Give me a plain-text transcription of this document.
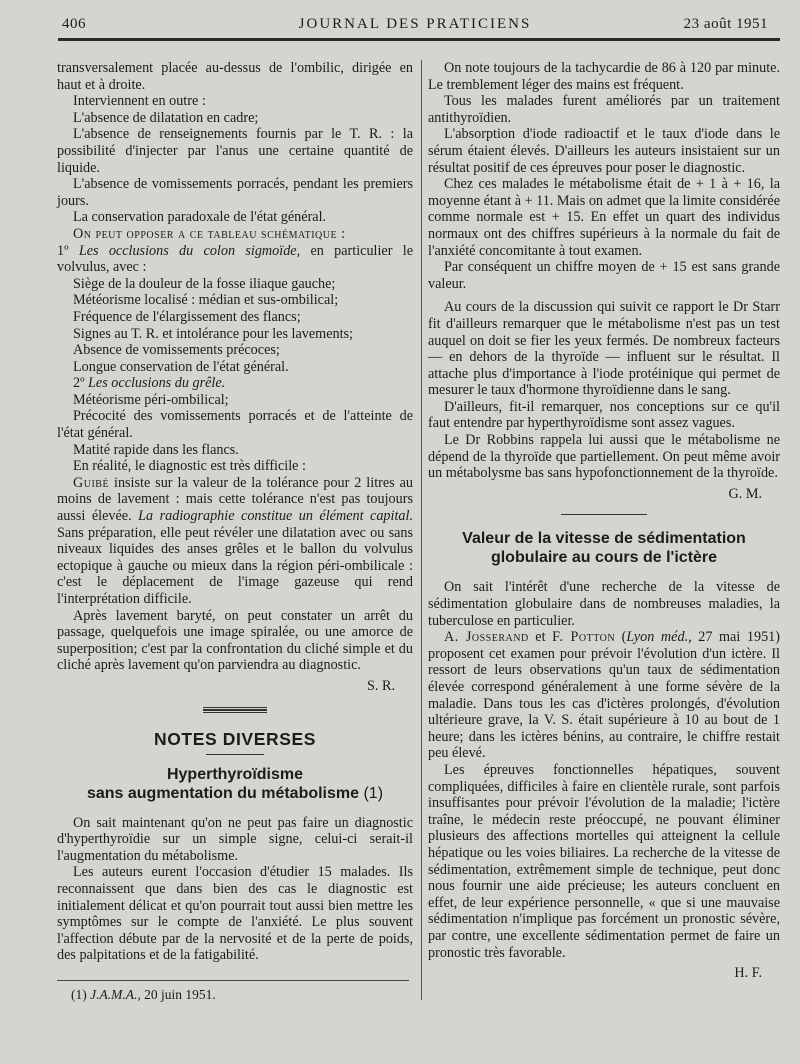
406	JOURNAL DES PRATICIENS	23 août 1951

transversalement placée au-dessus de l'ombilic, dirigée en haut et à droite.

Interviennent en outre :

L'absence de dilatation en cadre;

L'absence de renseignements fournis par le T. R. : la possibilité d'injecter par l'anus une certaine quantité de liquide.

L'absence de vomissements porracés, pendant les premiers jours.

La conservation paradoxale de l'état général.

On peut opposer a ce tableau schématique :

1º Les occlusions du colon sigmoïde, en particulier le volvulus, avec :

Siège de la douleur de la fosse iliaque gauche;

Météorisme localisé : médian et sus-ombilical;

Fréquence de l'élargissement des flancs;

Signes au T. R. et intolérance pour les lavements;

Absence de vomissements précoces;

Longue conservation de l'état général.

2º Les occlusions du grêle.

Météorisme péri-ombilical;

Précocité des vomissements porracés et de l'atteinte de l'état général.

Matité rapide dans les flancs.

En réalité, le diagnostic est très difficile :

Guibé insiste sur la valeur de la tolérance pour 2 litres au moins de lavement : mais cette tolérance n'est pas toujours aussi élevée. La radiographie constitue un élément capital. Sans préparation, elle peut révéler une dilatation avec ou sans niveaux liquides des anses grêles et le ballon du volvulus ectopique à gauche ou mieux dans la région péri-ombilicale : c'est le déplacement de l'image gazeuse qui rend l'interprétation difficile.

Après lavement baryté, on peut constater un arrêt du passage, quelquefois une image spiralée, ou une amorce de superposition; c'est par la confrontation du cliché simple et du cliché après lavement qu'on parviendra au diagnostic.

S. R.

NOTES DIVERSES
Hyperthyroïdisme
sans augmentation du métabolisme (1)

On sait maintenant qu'on ne peut pas faire un diagnostic d'hyperthyroïdie sur un simple signe, celui-ci serait-il l'augmentation du métabolisme.

Les auteurs eurent l'occasion d'étudier 15 malades. Ils reconnaissent que dans bien des cas le diagnostic est initialement délicat et qu'on pourrait tout aussi bien mettre les symptômes sur le compte de l'anxiété. Le plus souvent l'affection débute par de la nervosité et de la perte de poids, des palpitations et de la fatigabilité.

(1) J.A.M.A., 20 juin 1951.

On note toujours de la tachycardie de 86 à 120 par minute. Le tremblement léger des mains est fréquent.

Tous les malades furent améliorés par un traitement antithyroïdien.

L'absorption d'iode radioactif et le taux d'iode dans le sérum étaient élevés. D'ailleurs les auteurs insistaient sur un résultat positif de ces épreuves pour poser le diagnostic.

Chez ces malades le métabolisme était de + 1 à + 16, la moyenne étant à + 11. Mais on admet que la limite considérée comme normale est + 15. En effet un quart des individus normaux ont des chiffres supérieurs à la normale du fait de l'anxiété concomitante à tout examen.

Par conséquent un chiffre moyen de + 15 est sans grande valeur.

Au cours de la discussion qui suivit ce rapport le Dr Starr fit d'ailleurs remarquer que le métabolisme n'est pas un test auquel on doit se fier les yeux fermés. De nombreux facteurs — en dehors de la thyroïde — influent sur le résultat. Il attache plus d'importance à l'iode protéinique qui permet de mesurer le taux d'hormone thyroïdienne dans le sang.

D'ailleurs, fit-il remarquer, nos conceptions sur ce qu'il faut entendre par hyperthyroïdisme sont assez vagues.

Le Dr Robbins rappela lui aussi que le métabolisme ne dépend de la thyroïde que partiellement. On peut même avoir un métabolysme bas sans hypofonctionnement de la thyroïde.

G. M.

Valeur de la vitesse de sédimentation
globulaire au cours de l'ictère

On sait l'intérêt d'une recherche de la vitesse de sédimentation globulaire dans de nombreuses maladies, la tuberculose en particulier.

A. Josserand et F. Potton (Lyon méd., 27 mai 1951) proposent cet examen pour prévoir l'évolution d'un ictère. Il ressort de leurs observations qu'un taux de sédimentation élevée correspond généralement à une forme sévère de la maladie. Dans tous les cas d'ictères prolongés, d'évolution ultérieure grave, la V. S. était supérieure à 10 au bout de 1 heure; dans les ictères bénins, au contraire, le chiffre restait peu élevé.

Les épreuves fonctionnelles hépatiques, souvent compliquées, difficiles à faire en clientèle rurale, sont parfois insuffisantes pour prévoir l'évolution de la maladie; l'ictère traîne, le médecin reste préoccupé, ne pouvant éliminer plusieurs des affections mortelles qui atteignent la cellule hépatique ou les voies biliaires. La recherche de la vitesse de sédimentation, extrêmement simple de technique, peut donc nous fournir une aide précieuse; les auteurs concluent en effet, de leur expérience personnelle, « que si une mauvaise sédimentation n'implique pas forcément un pronostic sévère, par contre, une excellente sédimentation permet de faire un pronostic très favorable.

H. F.
